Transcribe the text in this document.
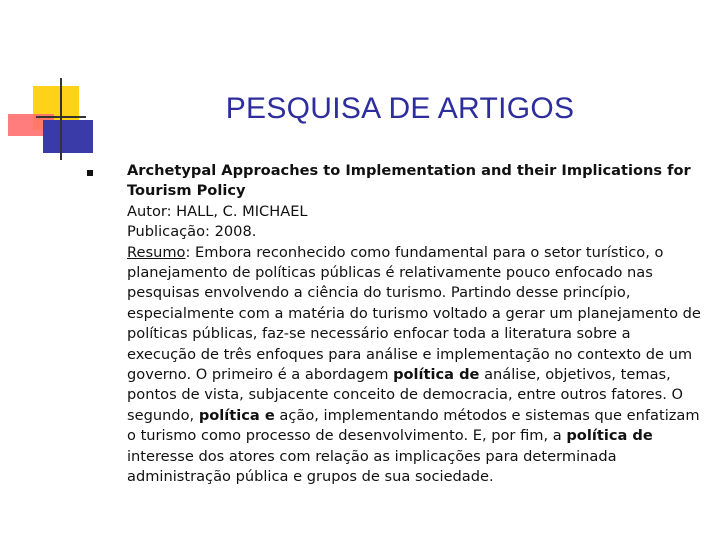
PESQUISA DE ARTIGOS
Archetypal Approaches to Implementation and their Implications for Tourism Policy
Autor: HALL, C. MICHAEL
Publicação: 2008.
Resumo: Embora reconhecido como fundamental para o setor turístico, o planejamento de políticas públicas é relativamente pouco enfocado nas pesquisas envolvendo a ciência do turismo. Partindo desse princípio, especialmente com a matéria do turismo voltado a gerar um planejamento de políticas públicas, faz-se necessário enfocar toda a literatura sobre a execução de três enfoques para análise e implementação no contexto de um governo. O primeiro é a abordagem política de análise, objetivos, temas, pontos de vista, subjacente conceito de democracia, entre outros fatores. O segundo, política e ação, implementando métodos e sistemas que enfatizam o turismo como processo de desenvolvimento. E, por fim, a política de interesse dos atores com relação as implicações para determinada administração pública e grupos de sua sociedade.
